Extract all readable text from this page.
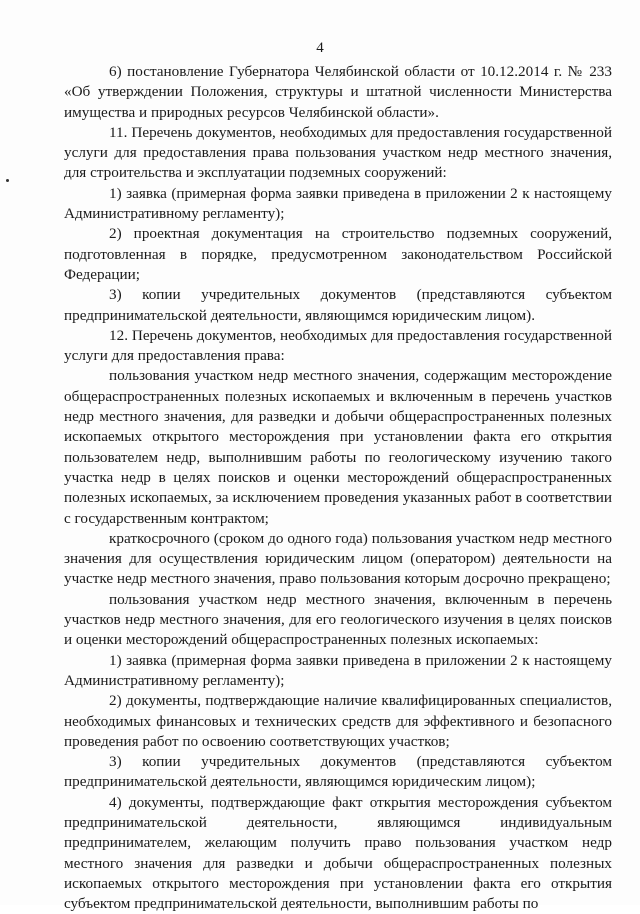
4

6) постановление Губернатора Челябинской области от 10.12.2014 г. № 233 «Об утверждении Положения, структуры и штатной численности Министерства имущества и природных ресурсов Челябинской области».

11. Перечень документов, необходимых для предоставления государственной услуги для предоставления права пользования участком недр местного значения, для строительства и эксплуатации подземных сооружений:

1) заявка (примерная форма заявки приведена в приложении 2 к настоящему Административному регламенту);

2) проектная документация на строительство подземных сооружений, подготовленная в порядке, предусмотренном законодательством Российской Федерации;

3) копии учредительных документов (представляются субъектом предпринимательской деятельности, являющимся юридическим лицом).

12. Перечень документов, необходимых для предоставления государственной услуги для предоставления права:

пользования участком недр местного значения, содержащим месторождение общераспространенных полезных ископаемых и включенным в перечень участков недр местного значения, для разведки и добычи общераспространенных полезных ископаемых открытого месторождения при установлении факта его открытия пользователем недр, выполнившим работы по геологическому изучению такого участка недр в целях поисков и оценки месторождений общераспространенных полезных ископаемых, за исключением проведения указанных работ в соответствии с государственным контрактом;

краткосрочного (сроком до одного года) пользования участком недр местного значения для осуществления юридическим лицом (оператором) деятельности на участке недр местного значения, право пользования которым досрочно прекращено;

пользования участком недр местного значения, включенным в перечень участков недр местного значения, для его геологического изучения в целях поисков и оценки месторождений общераспространенных полезных ископаемых:

1) заявка (примерная форма заявки приведена в приложении 2 к настоящему Административному регламенту);

2) документы, подтверждающие наличие квалифицированных специалистов, необходимых финансовых и технических средств для эффективного и безопасного проведения работ по освоению соответствующих участков;

3) копии учредительных документов (представляются субъектом предпринимательской деятельности, являющимся юридическим лицом);

4) документы, подтверждающие факт открытия месторождения субъектом предпринимательской деятельности, являющимся индивидуальным предпринимателем, желающим получить право пользования участком недр местного значения для разведки и добычи общераспространенных полезных ископаемых открытого месторождения при установлении факта его открытия субъектом предпринимательской деятельности, выполнившим работы по
